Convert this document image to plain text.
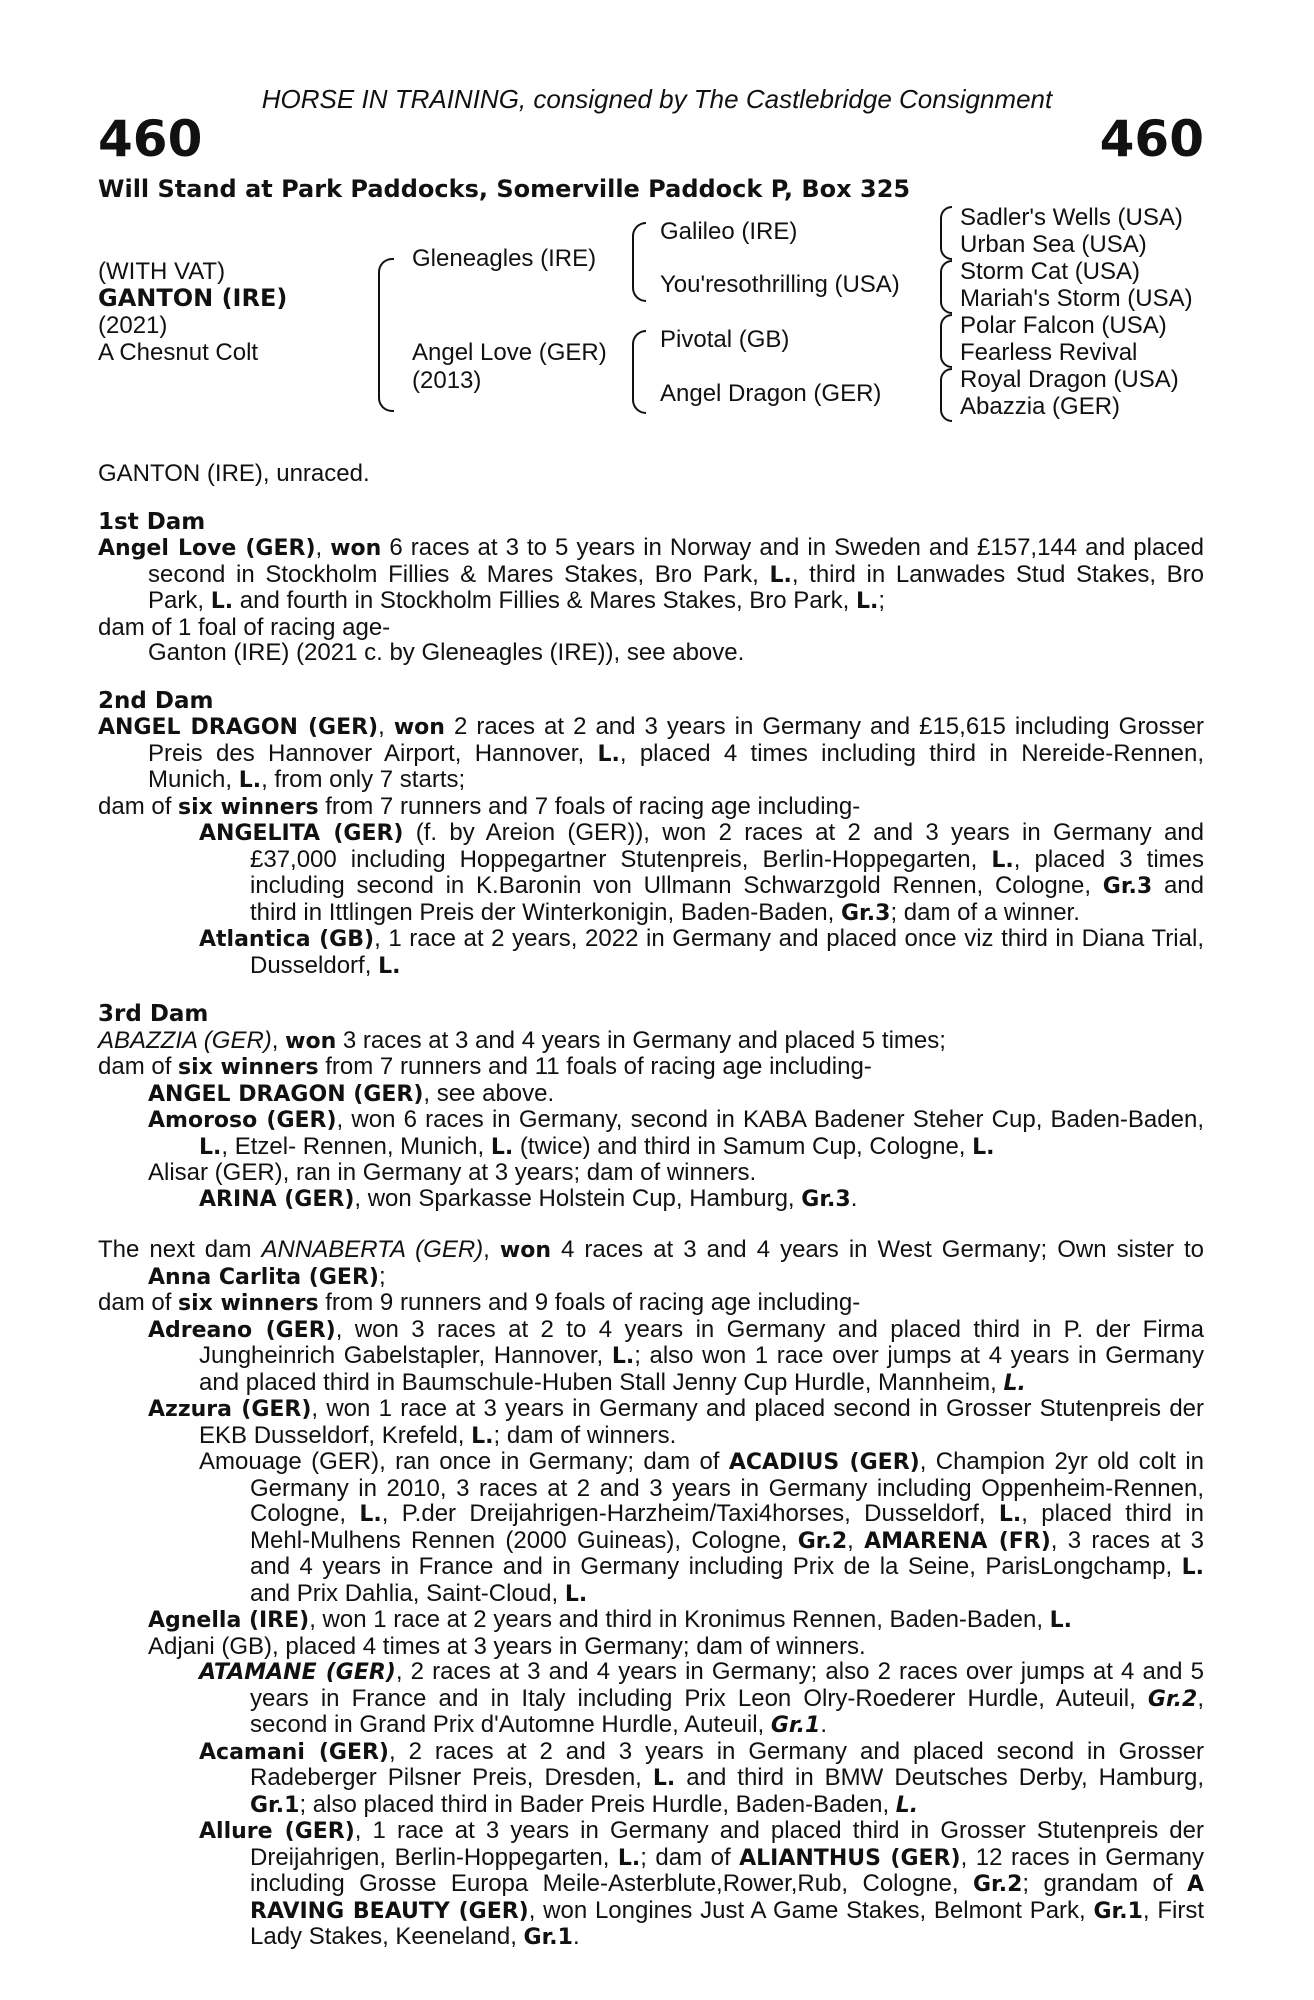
HORSE IN TRAINING, consigned by The Castlebridge Consignment
460	460
Will Stand at Park Paddocks, Somerville Paddock P, Box 325
(WITH VAT)
GANTON (IRE)
(2021)
A Chesnut Colt
Gleneagles (IRE)
Angel Love (GER)
(2013)
Galileo (IRE)
You'resothrilling (USA)
Pivotal (GB)
Angel Dragon (GER)
Sadler's Wells (USA)
Urban Sea (USA)
Storm Cat (USA)
Mariah's Storm (USA)
Polar Falcon (USA)
Fearless Revival
Royal Dragon (USA)
Abazzia (GER)

GANTON (IRE), unraced.

1st Dam

Angel Love (GER), won 6 races at 3 to 5 years in Norway and in Sweden and £157,144 and placed second in Stockholm Fillies & Mares Stakes, Bro Park, L., third in Lanwades Stud Stakes, Bro Park, L. and fourth in Stockholm Fillies & Mares Stakes, Bro Park, L.;

dam of 1 foal of racing age-

Ganton (IRE) (2021 c. by Gleneagles (IRE)), see above.

2nd Dam

ANGEL DRAGON (GER), won 2 races at 2 and 3 years in Germany and £15,615 including Grosser Preis des Hannover Airport, Hannover, L., placed 4 times including third in Nereide-Rennen, Munich, L., from only 7 starts;

dam of six winners from 7 runners and 7 foals of racing age including-

ANGELITA (GER) (f. by Areion (GER)), won 2 races at 2 and 3 years in Germany and £37,000 including Hoppegartner Stutenpreis, Berlin-Hoppegarten, L., placed 3 times including second in K.Baronin von Ullmann Schwarzgold Rennen, Cologne, Gr.3 and third in Ittlingen Preis der Winterkonigin, Baden-Baden, Gr.3; dam of a winner.

Atlantica (GB), 1 race at 2 years, 2022 in Germany and placed once viz third in Diana Trial, Dusseldorf, L.

3rd Dam

ABAZZIA (GER), won 3 races at 3 and 4 years in Germany and placed 5 times;

dam of six winners from 7 runners and 11 foals of racing age including-

ANGEL DRAGON (GER), see above.

Amoroso (GER), won 6 races in Germany, second in KABA Badener Steher Cup, Baden-Baden, L., Etzel- Rennen, Munich, L. (twice) and third in Samum Cup, Cologne, L.

Alisar (GER), ran in Germany at 3 years; dam of winners.

ARINA (GER), won Sparkasse Holstein Cup, Hamburg, Gr.3.

The next dam ANNABERTA (GER), won 4 races at 3 and 4 years in West Germany; Own sister to Anna Carlita (GER);

dam of six winners from 9 runners and 9 foals of racing age including-

Adreano (GER), won 3 races at 2 to 4 years in Germany and placed third in P. der Firma Jungheinrich Gabelstapler, Hannover, L.; also won 1 race over jumps at 4 years in Germany and placed third in Baumschule-Huben Stall Jenny Cup Hurdle, Mannheim, L.

Azzura (GER), won 1 race at 3 years in Germany and placed second in Grosser Stutenpreis der EKB Dusseldorf, Krefeld, L.; dam of winners.

Amouage (GER), ran once in Germany; dam of ACADIUS (GER), Champion 2yr old colt in Germany in 2010, 3 races at 2 and 3 years in Germany including Oppenheim-Rennen, Cologne, L., P.der Dreijahrigen-Harzheim/Taxi4horses, Dusseldorf, L., placed third in Mehl-Mulhens Rennen (2000 Guineas), Cologne, Gr.2, AMARENA (FR), 3 races at 3 and 4 years in France and in Germany including Prix de la Seine, ParisLongchamp, L. and Prix Dahlia, Saint-Cloud, L.

Agnella (IRE), won 1 race at 2 years and third in Kronimus Rennen, Baden-Baden, L.

Adjani (GB), placed 4 times at 3 years in Germany; dam of winners.

ATAMANE (GER), 2 races at 3 and 4 years in Germany; also 2 races over jumps at 4 and 5 years in France and in Italy including Prix Leon Olry-Roederer Hurdle, Auteuil, Gr.2, second in Grand Prix d'Automne Hurdle, Auteuil, Gr.1.

Acamani (GER), 2 races at 2 and 3 years in Germany and placed second in Grosser Radeberger Pilsner Preis, Dresden, L. and third in BMW Deutsches Derby, Hamburg, Gr.1; also placed third in Bader Preis Hurdle, Baden-Baden, L.

Allure (GER), 1 race at 3 years in Germany and placed third in Grosser Stutenpreis der Dreijahrigen, Berlin-Hoppegarten, L.; dam of ALIANTHUS (GER), 12 races in Germany including Grosse Europa Meile-Asterblute,Rower,Rub, Cologne, Gr.2; grandam of A RAVING BEAUTY (GER), won Longines Just A Game Stakes, Belmont Park, Gr.1, First Lady Stakes, Keeneland, Gr.1.
